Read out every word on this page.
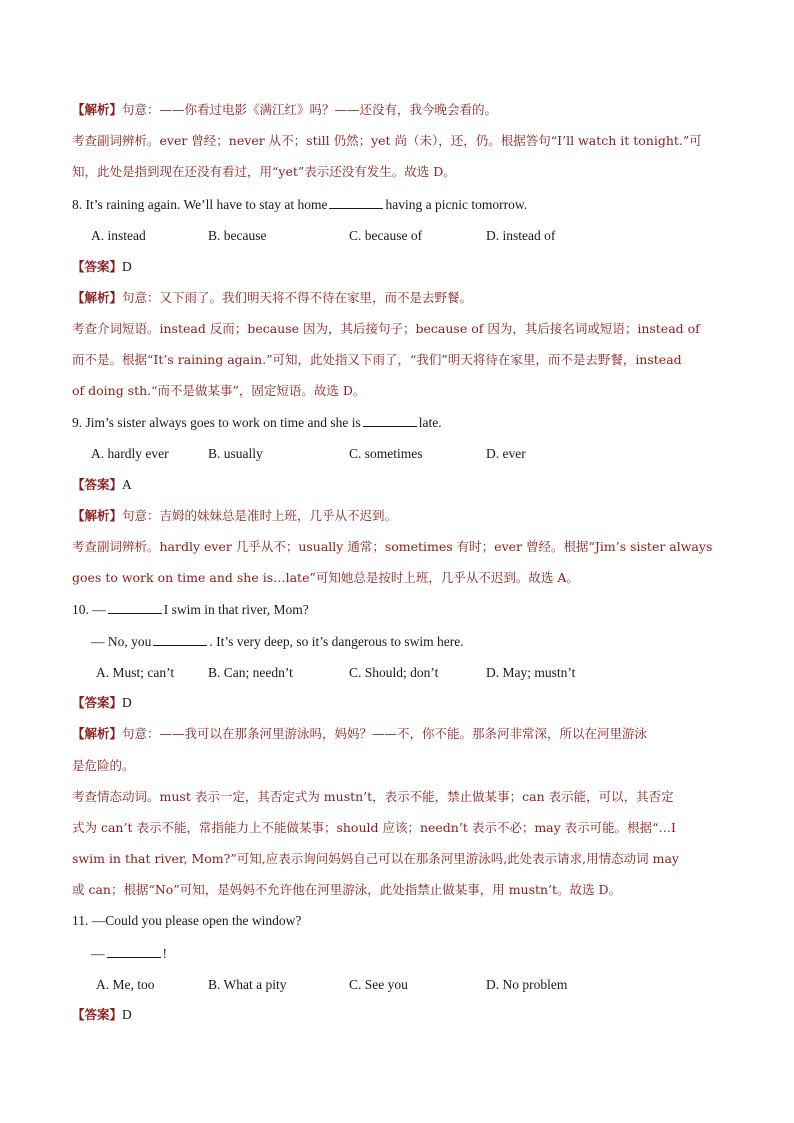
【解析】句意：——你看过电影《满江红》吗？——还没有，我今晚会看的。
考查副词辨析。ever 曾经；never 从不；still 仍然；yet 尚（未），还，仍。根据答句“I’ll watch it tonight.”可
知，此处是指到现在还没有看过，用“yet”表示还没有发生。故选 D。
8. It’s raining again. We’ll have to stay at home	having a picnic tomorrow.
A. instead	B. because	C. because of	D. instead of
【答案】D
【解析】句意：又下雨了。我们明天将不得不待在家里，而不是去野餐。
考查介词短语。instead 反而；because 因为，其后接句子；because of 因为，其后接名词或短语；instead of
而不是。根据“It’s raining again.”可知，此处指又下雨了，“我们”明天将待在家里，而不是去野餐，instead
of doing sth.“而不是做某事”，固定短语。故选 D。
9. Jim’s sister always goes to work on time and she is	late.
A. hardly ever	B. usually	C. sometimes	D. ever
【答案】A
【解析】句意：吉姆的妹妹总是准时上班，几乎从不迟到。
考查副词辨析。hardly ever 几乎从不；usually 通常；sometimes 有时；ever 曾经。根据“Jim’s sister always
goes to work on time and she is…late”可知她总是按时上班，几乎从不迟到。故选 A。
10. —	I swim in that river, Mom?
— No, you	. It’s very deep, so it’s dangerous to swim here.
A. Must; can’t	B. Can; needn’t	C. Should; don’t	D. May; mustn’t
【答案】D
【解析】句意：——我可以在那条河里游泳吗，妈妈？——不，你不能。那条河非常深，所以在河里游泳
是危险的。
考查情态动词。must 表示一定，其否定式为 mustn’t，表示不能，禁止做某事；can 表示能，可以，其否定
式为 can’t 表示不能，常指能力上不能做某事；should 应该；needn’t 表示不必；may 表示可能。根据“…I
swim in that river, Mom?”可知,应表示询问妈妈自己可以在那条河里游泳吗,此处表示请求,用情态动词 may
或 can；根据“No”可知，是妈妈不允许他在河里游泳，此处指禁止做某事，用 mustn’t。故选 D。
11. —Could you please open the window?
—	!
A. Me, too	B. What a pity	C. See you	D. No problem
【答案】D
